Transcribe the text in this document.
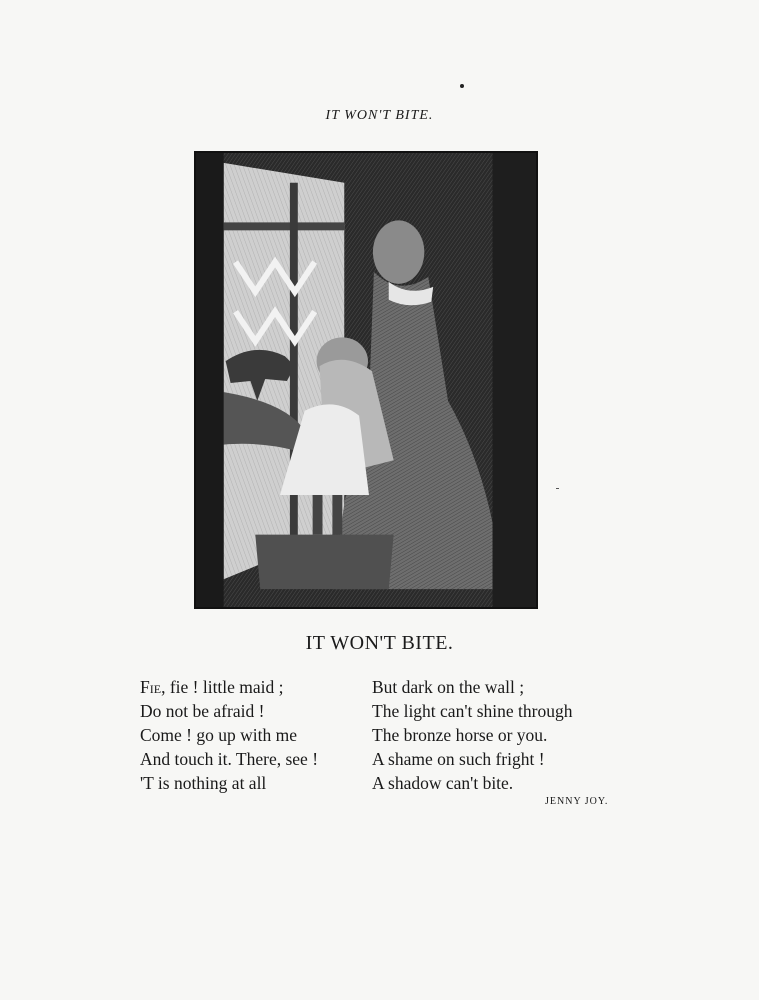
IT WON'T BITE.
IT WON'T BITE.
Fie, fie ! little maid ;
Do not be afraid !
Come ! go up with me
And touch it. There, see !
'T is nothing at all
But dark on the wall ;
The light can't shine through
The bronze horse or you.
A shame on such fright !
A shadow can't bite.
JENNY JOY.
